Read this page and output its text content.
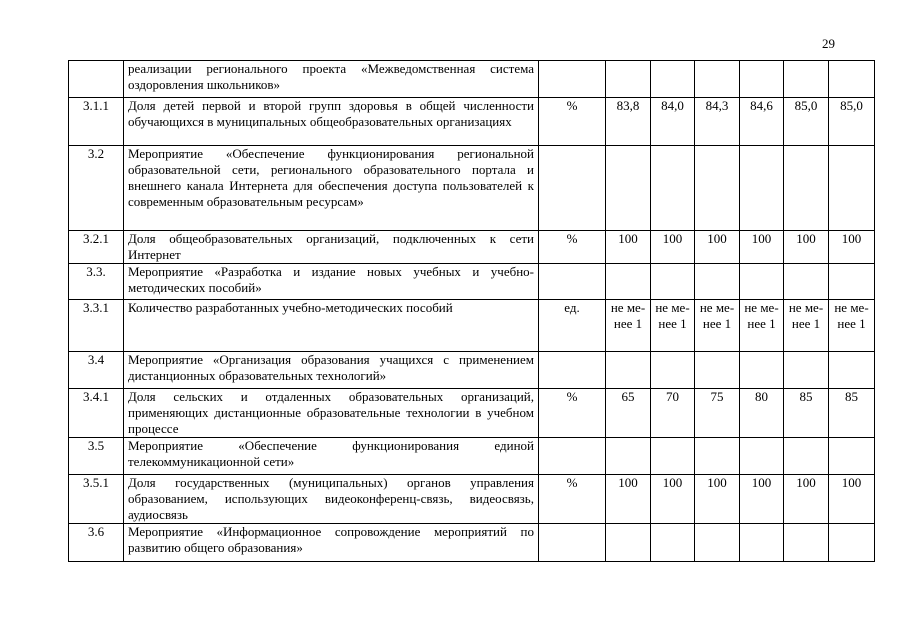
29
	реализации регионального проекта «Межведомственная система оздоровления школьников»							
3.1.1	Доля детей первой и второй групп здоровья в общей численности обучающихся в муниципальных общеобразовательных организациях	%	83,8	84,0	84,3	84,6	85,0	85,0
3.2	Мероприятие «Обеспечение функционирования региональной образовательной сети, регионального образовательного портала и внешнего канала Интернета для обеспечения доступа пользователей к современным образовательным ресурсам»							
3.2.1	Доля общеобразовательных организаций, подключенных к сети Интернет	%	100	100	100	100	100	100
3.3.	Мероприятие «Разработка и издание новых учебных и учебно-методических пособий»							
3.3.1	Количество разработанных учебно-методических пособий	ед.	не ме-нее 1	не ме-нее 1	не ме-нее 1	не ме-нее 1	не ме-нее 1	не ме-нее 1
3.4	Мероприятие «Организация образования учащихся с применением дистанционных образовательных технологий»							
3.4.1	Доля сельских и отдаленных образовательных организаций, применяющих дистанционные образовательные технологии в учебном процессе	%	65	70	75	80	85	85
3.5	Мероприятие «Обеспечение функционирования единой телекоммуникационной сети»							
3.5.1	Доля государственных (муниципальных) органов управления образованием, использующих видеоконференц-связь, видеосвязь, аудиосвязь	%	100	100	100	100	100	100
3.6	Мероприятие «Информационное сопровождение мероприятий по развитию общего образования»							
